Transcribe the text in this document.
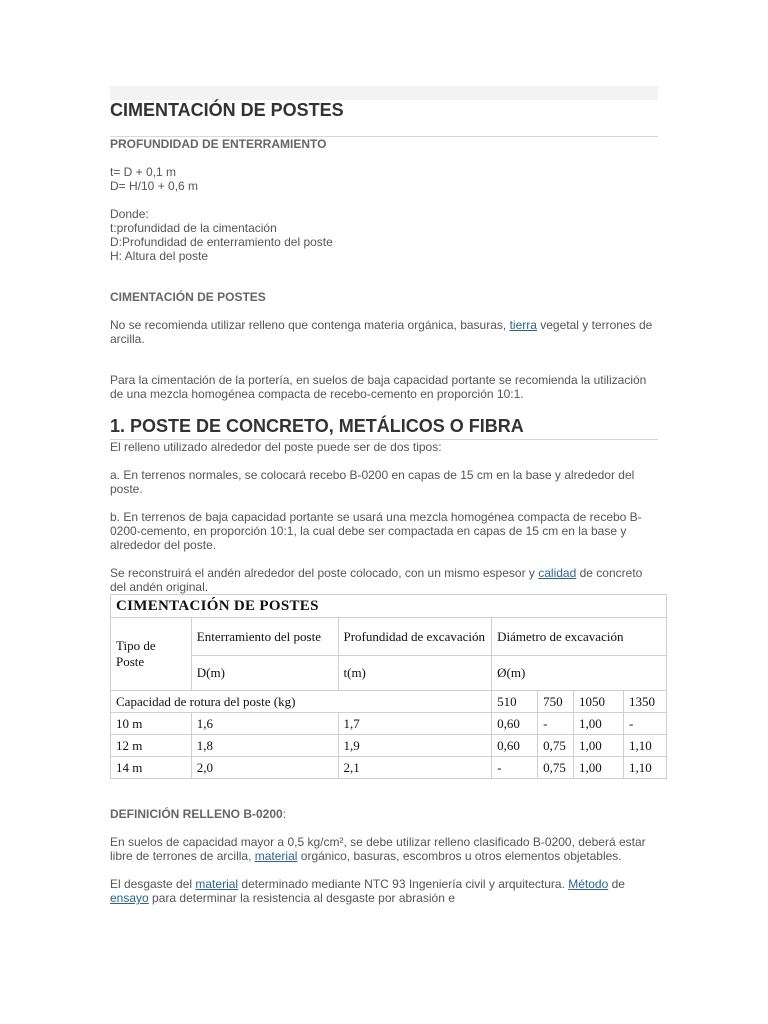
CIMENTACIÓN DE POSTES
PROFUNDIDAD DE ENTERRAMIENTO
t= D + 0,1 m
D= H/10 + 0,6 m
Donde:
t:profundidad de la cimentación
D:Profundidad de enterramiento del poste
H: Altura del poste
CIMENTACIÓN DE POSTES

No se recomienda utilizar relleno que contenga materia orgánica, basuras, tierra vegetal y terrones de arcilla.

Para la cimentación de la portería, en suelos de baja capacidad portante se recomienda la utilización de una mezcla homogénea compacta de recebo-cemento en proporción 10:1.

1. POSTE DE CONCRETO, METÁLICOS O FIBRA

El relleno utilizado alrededor del poste puede ser de dos tipos:

a. En terrenos normales, se colocará recebo B-0200 en capas de 15 cm en la base y alrededor del poste.

b. En terrenos de baja capacidad portante se usará una mezcla homogénea compacta de recebo B-0200-cemento, en proporción 10:1, la cual debe ser compactada en capas de 15 cm en la base y alrededor del poste.

Se reconstruirá el andén alrededor del poste colocado, con un mismo espesor y calidad de concreto del andén original.

CIMENTACIÓN DE POSTES						
Tipo de Poste	Enterramiento del poste	Profundidad de excavación	Diámetro de excavación			
	D(m)	t(m)	Ø(m)			
Capacidad de rotura del poste (kg)			510	750	1050	1350
10 m	1,6	1,7	0,60	-	1,00	-
12 m	1,8	1,9	0,60	0,75	1,00	1,10
14 m	2,0	2,1	-	0,75	1,00	1,10
DEFINICIÓN RELLENO B-0200:

En suelos de capacidad mayor a 0,5 kg/cm², se debe utilizar relleno clasificado B-0200, deberá estar libre de terrones de arcilla, material orgánico, basuras, escombros u otros elementos objetables.

El desgaste del material determinado mediante NTC 93 Ingeniería civil y arquitectura. Método de ensayo para determinar la resistencia al desgaste por abrasión e
